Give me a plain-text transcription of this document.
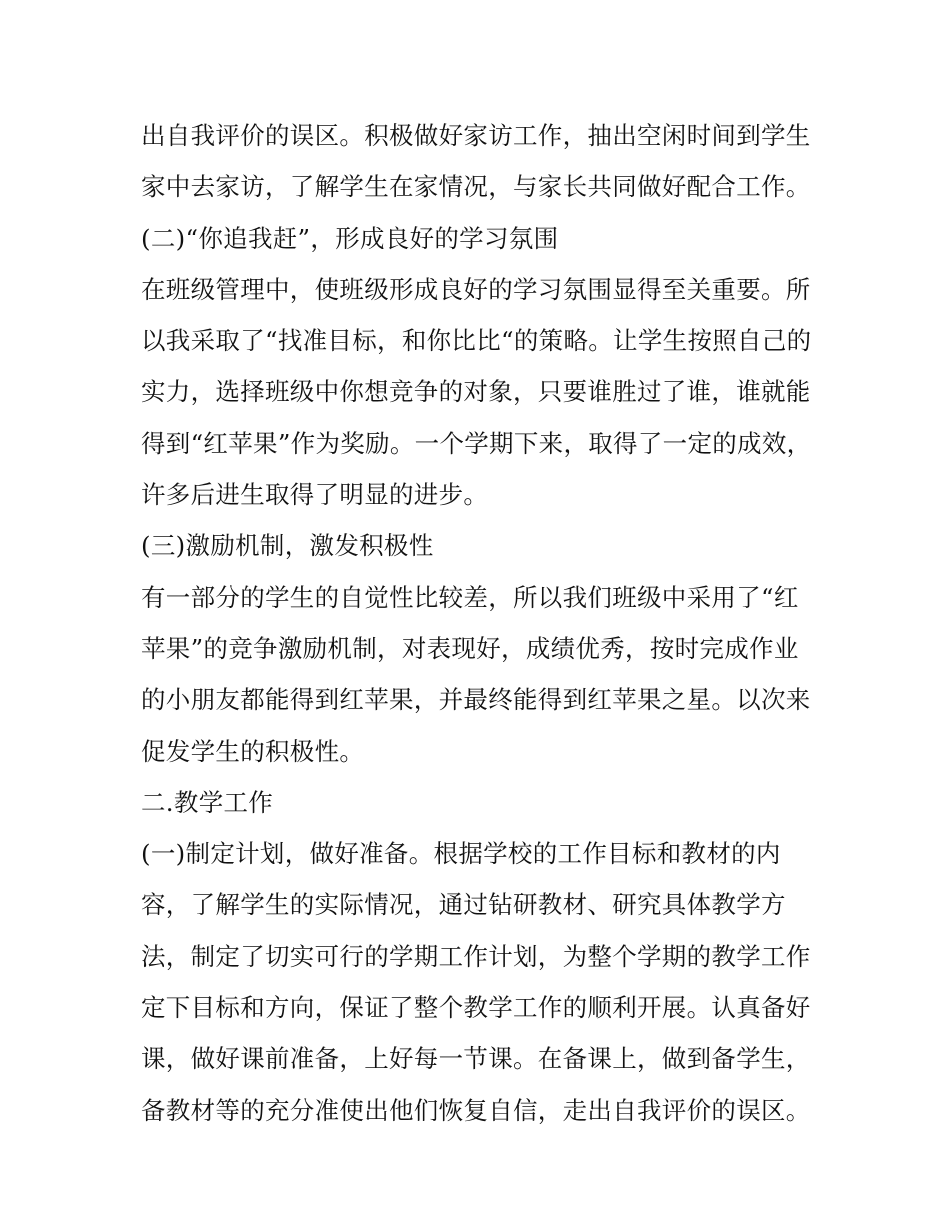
出自我评价的误区。积极做好家访工作，抽出空闲时间到学生
家中去家访，了解学生在家情况，与家长共同做好配合工作。
(二)“你追我赶”，形成良好的学习氛围
在班级管理中，使班级形成良好的学习氛围显得至关重要。所
以我采取了“找准目标，和你比比“的策略。让学生按照自己的
实力，选择班级中你想竞争的对象，只要谁胜过了谁，谁就能
得到“红苹果”作为奖励。一个学期下来，取得了一定的成效，
许多后进生取得了明显的进步。
(三)激励机制，激发积极性
有一部分的学生的自觉性比较差，所以我们班级中采用了“红
苹果”的竞争激励机制，对表现好，成绩优秀，按时完成作业
的小朋友都能得到红苹果，并最终能得到红苹果之星。以次来
促发学生的积极性。
二.教学工作
(一)制定计划，做好准备。根据学校的工作目标和教材的内
容，了解学生的实际情况，通过钻研教材、研究具体教学方
法，制定了切实可行的学期工作计划，为整个学期的教学工作
定下目标和方向，保证了整个教学工作的顺利开展。认真备好
课，做好课前准备，上好每一节课。在备课上，做到备学生，
备教材等的充分准使出他们恢复自信，走出自我评价的误区。
